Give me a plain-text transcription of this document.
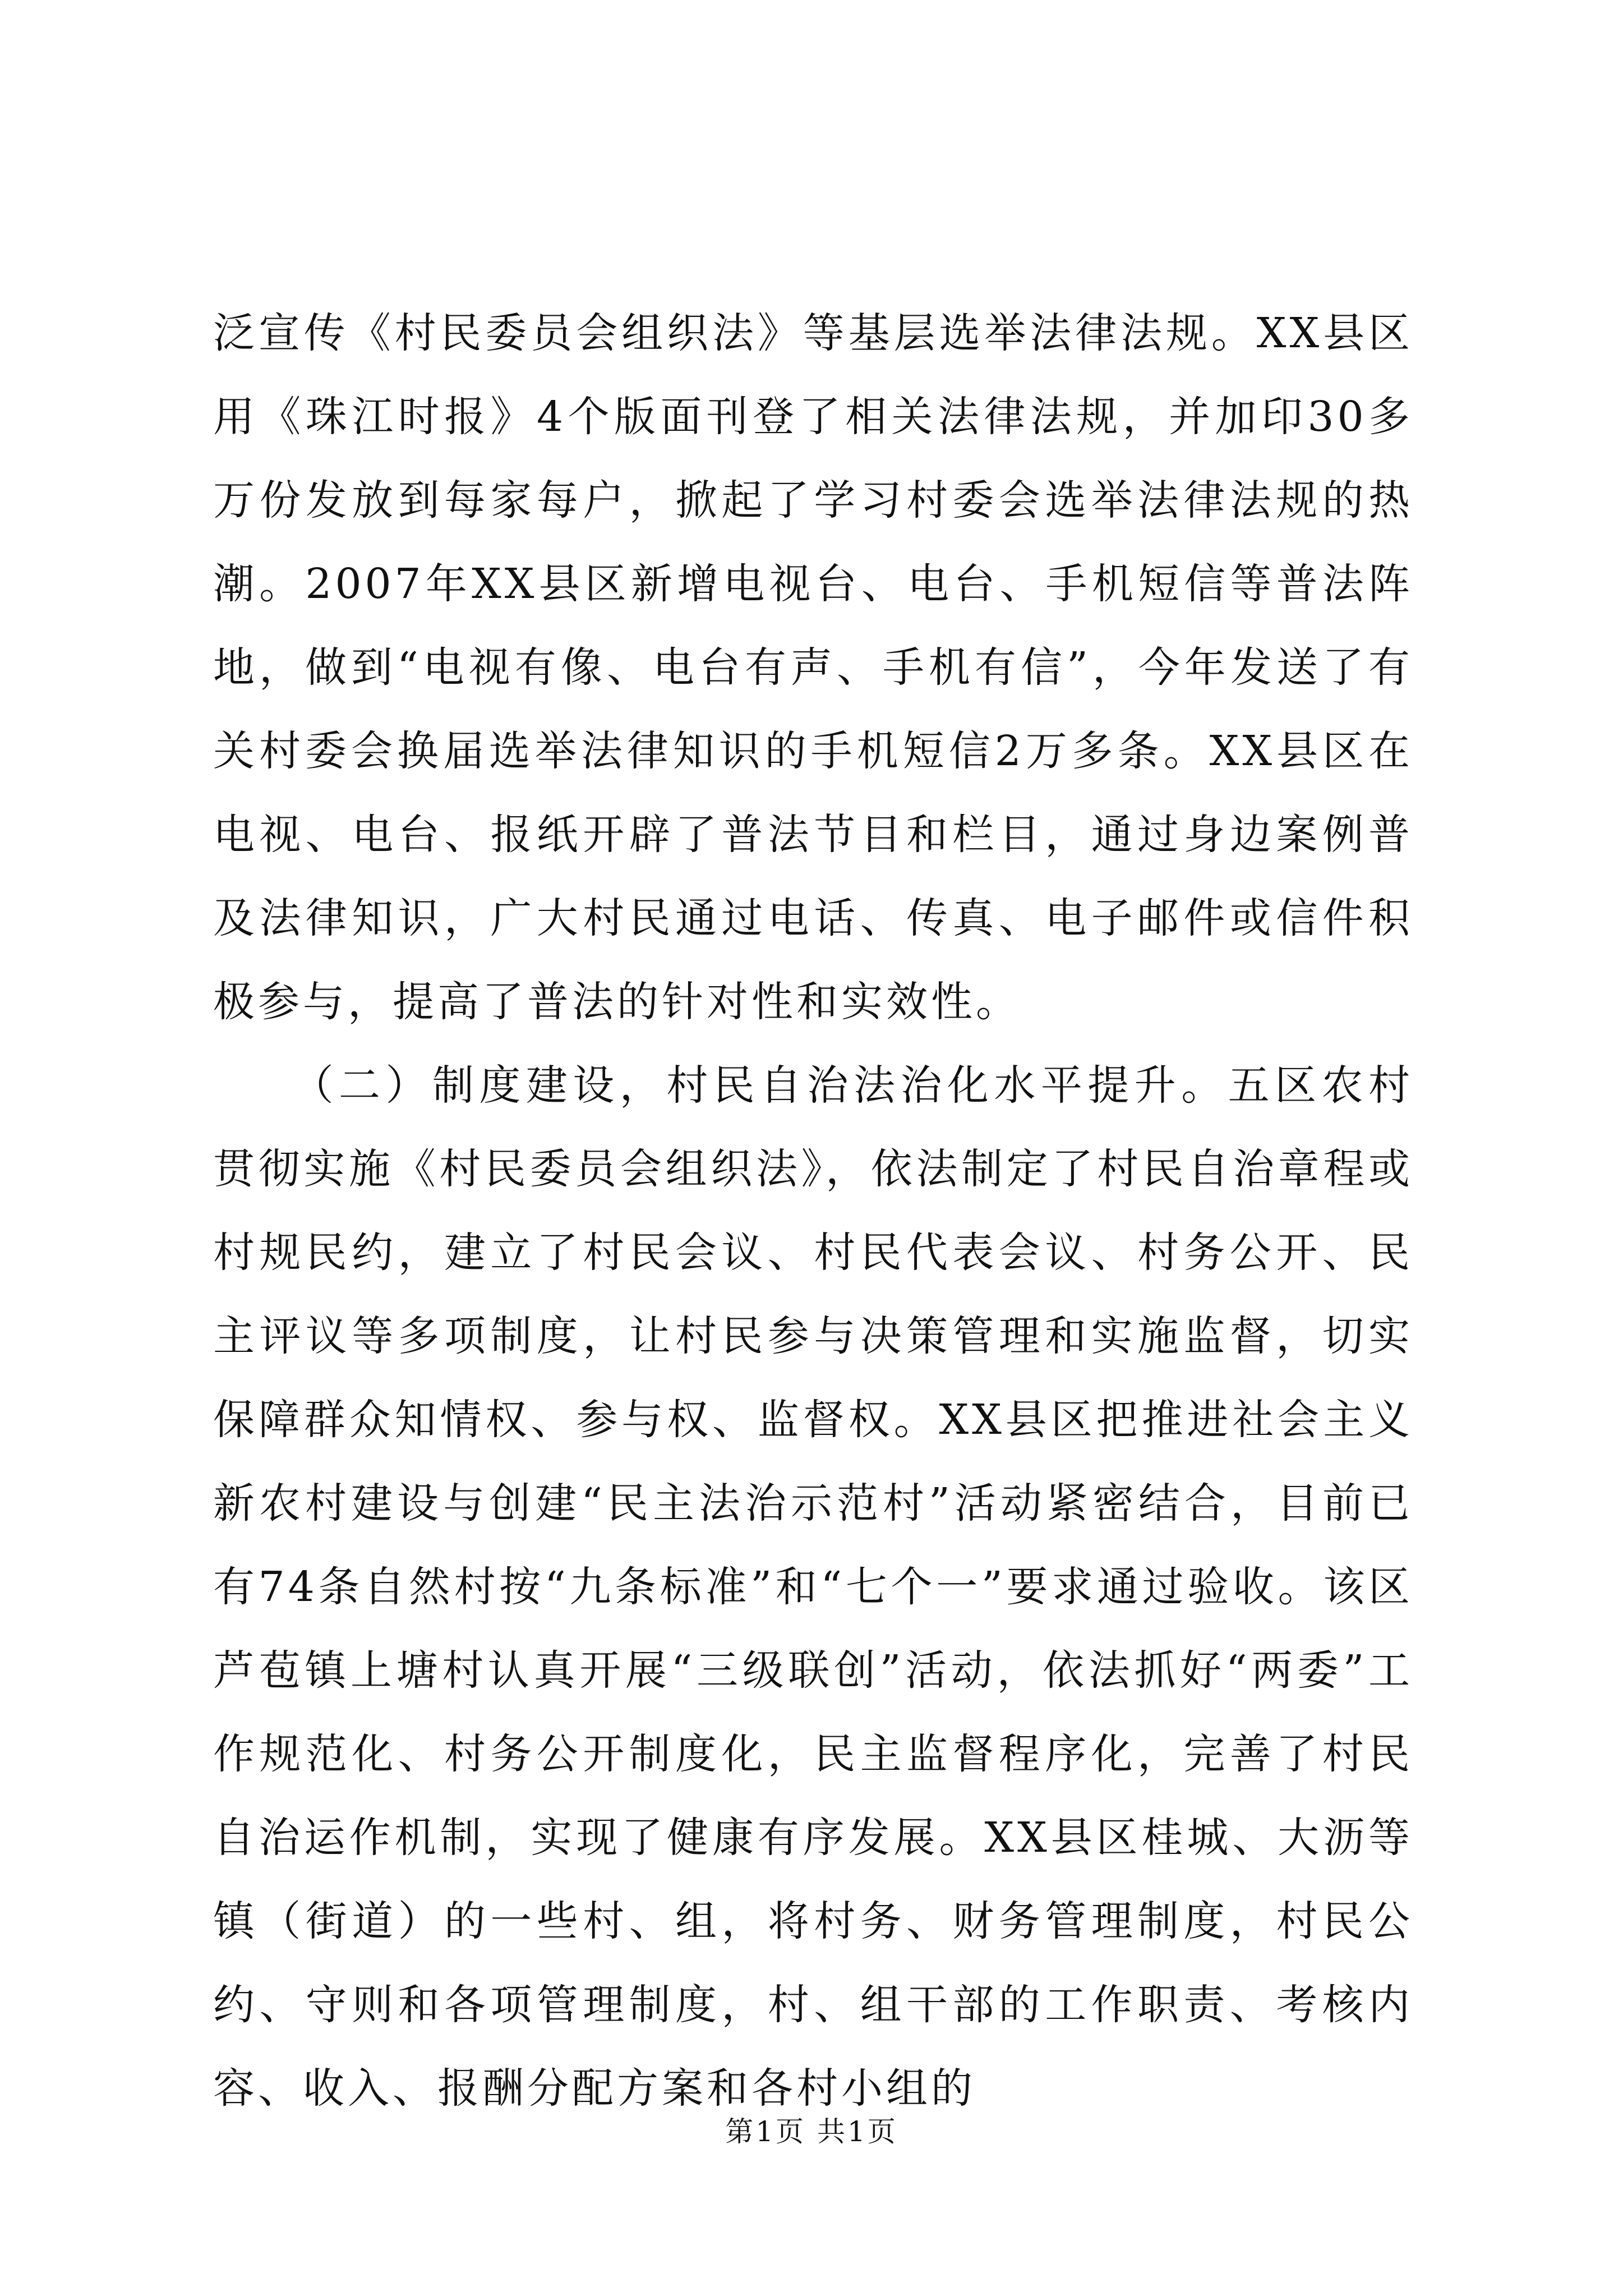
泛宣传《村民委员会组织法》等基层选举法律法规。XX县区用《珠江时报》4个版面刊登了相关法律法规，并加印30多万份发放到每家每户，掀起了学习村委会选举法律法规的热潮。2007年XX县区新增电视台、电台、手机短信等普法阵地，做到“电视有像、电台有声、手机有信”，今年发送了有关村委会换届选举法律知识的手机短信2万多条。XX县区在电视、电台、报纸开辟了普法节目和栏目，通过身边案例普及法律知识，广大村民通过电话、传真、电子邮件或信件积极参与，提高了普法的针对性和实效性。

（二）制度建设，村民自治法治化水平提升。五区农村贯彻实施《村民委员会组织法》，依法制定了村民自治章程或村规民约，建立了村民会议、村民代表会议、村务公开、民主评议等多项制度，让村民参与决策管理和实施监督，切实保障群众知情权、参与权、监督权。XX县区把推进社会主义新农村建设与创建“民主法治示范村”活动紧密结合，目前已有74条自然村按“九条标准”和“七个一”要求通过验收。该区芦苞镇上塘村认真开展“三级联创”活动，依法抓好“两委”工作规范化、村务公开制度化，民主监督程序化，完善了村民自治运作机制，实现了健康有序发展。XX县区桂城、大沥等镇（街道）的一些村、组，将村务、财务管理制度，村民公约、守则和各项管理制度，村、组干部的工作职责、考核内容、收入、报酬分配方案和各村小组的

第1页 共1页
